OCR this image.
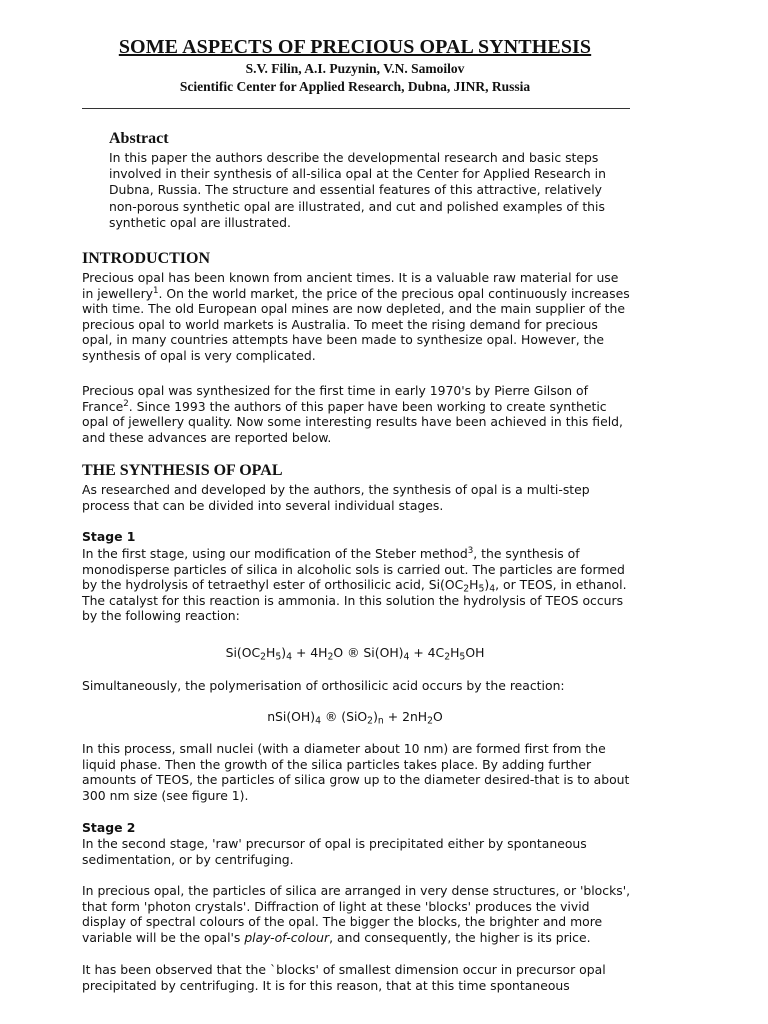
SOME ASPECTS OF PRECIOUS OPAL SYNTHESIS
S.V. Filin, A.I. Puzynin, V.N. Samoilov
Scientific Center for Applied Research, Dubna, JINR, Russia
Abstract
In this paper the authors describe the developmental research and basic steps involved in their synthesis of all-silica opal at the Center for Applied Research in Dubna, Russia. The structure and essential features of this attractive, relatively non-porous synthetic opal are illustrated, and cut and polished examples of this synthetic opal are illustrated.
INTRODUCTION
Precious opal has been known from ancient times. It is a valuable raw material for use in jewellery$^1$. On the world market, the price of the precious opal continuously increases with time. The old European opal mines are now depleted, and the main supplier of the precious opal to world markets is Australia. To meet the rising demand for precious opal, in many countries attempts have been made to synthesize opal. However, the synthesis of opal is very complicated.
Precious opal was synthesized for the first time in early 1970's by Pierre Gilson of France$^2$. Since 1993 the authors of this paper have been working to create synthetic opal of jewellery quality. Now some interesting results have been achieved in this field, and these advances are reported below.
THE SYNTHESIS OF OPAL
As researched and developed by the authors, the synthesis of opal is a multi-step process that can be divided into several individual stages.
Stage 1
In the first stage, using our modification of the Steber method$^3$, the synthesis of monodisperse particles of silica in alcoholic sols is carried out. The particles are formed by the hydrolysis of tetraethyl ester of orthosilicic acid, $Si(OC_2H_5)_4$, or TEOS, in ethanol. The catalyst for this reaction is ammonia. In this solution the hydrolysis of TEOS occurs by the following reaction:
$Si(OC_2H_5)_4 + 4H_2O$ ® $Si(OH)_4 + 4C_2H_5OH$
Simultaneously, the polymerisation of orthosilicic acid occurs by the reaction:
$nSi(OH)_4$ ® $(SiO_2)_n + 2nH_2O$
In this process, small nuclei (with a diameter about 10 nm) are formed first from the liquid phase. Then the growth of the silica particles takes place. By adding further amounts of TEOS, the particles of silica grow up to the diameter desired-that is to about 300 nm size (see figure 1).
Stage 2
In the second stage, 'raw' precursor of opal is precipitated either by spontaneous sedimentation, or by centrifuging.
In precious opal, the particles of silica are arranged in very dense structures, or 'blocks', that form 'photon crystals'. Diffraction of light at these 'blocks' produces the vivid display of spectral colours of the opal. The bigger the blocks, the brighter and more variable will be the opal's play-of-colour, and consequently, the higher is its price.
It has been observed that the `blocks' of smallest dimension occur in precursor opal precipitated by centrifuging. It is for this reason, that at this time spontaneous
